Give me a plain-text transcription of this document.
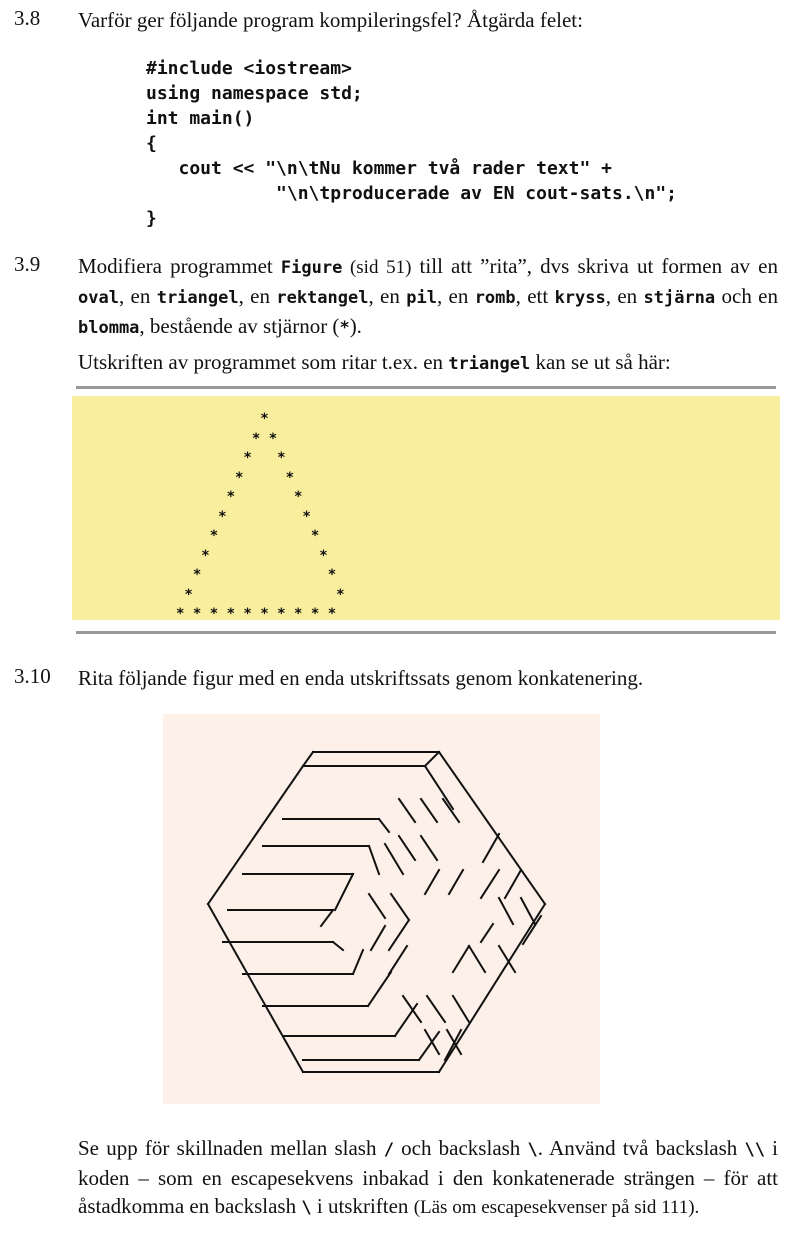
3.8 Varför ger följande program kompileringsfel? Åtgärda felet:
#include <iostream>
using namespace std;
int main()
{
cout << "\n\tNu kommer två rader text" +
"\n\tproducerade av EN cout-sats.\n";
}
3.9 Modifiera programmet Figure (sid 51) till att ”rita”, dvs skriva ut formen av en oval, en triangel, en rektangel, en pil, en romb, ett kryss, en stjärna och en blomma, bestående av stjärnor (*).
Utskriften av programmet som ritar t.ex. en triangel kan se ut så här:
*
* *
*   *
*     *
*       *
*         *
*           *
*             *
*               *
*                 *
* * * * * * * * * *
3.10 Rita följande figur med en enda utskriftssats genom konkatenering.
Se upp för skillnaden mellan slash / och backslash \. Använd två backslash \\ i koden – som en escapesekvens inbakad i den konkatenerade strängen – för att åstadkomma en backslash \ i utskriften (Läs om escapesekvenser på sid 111).
